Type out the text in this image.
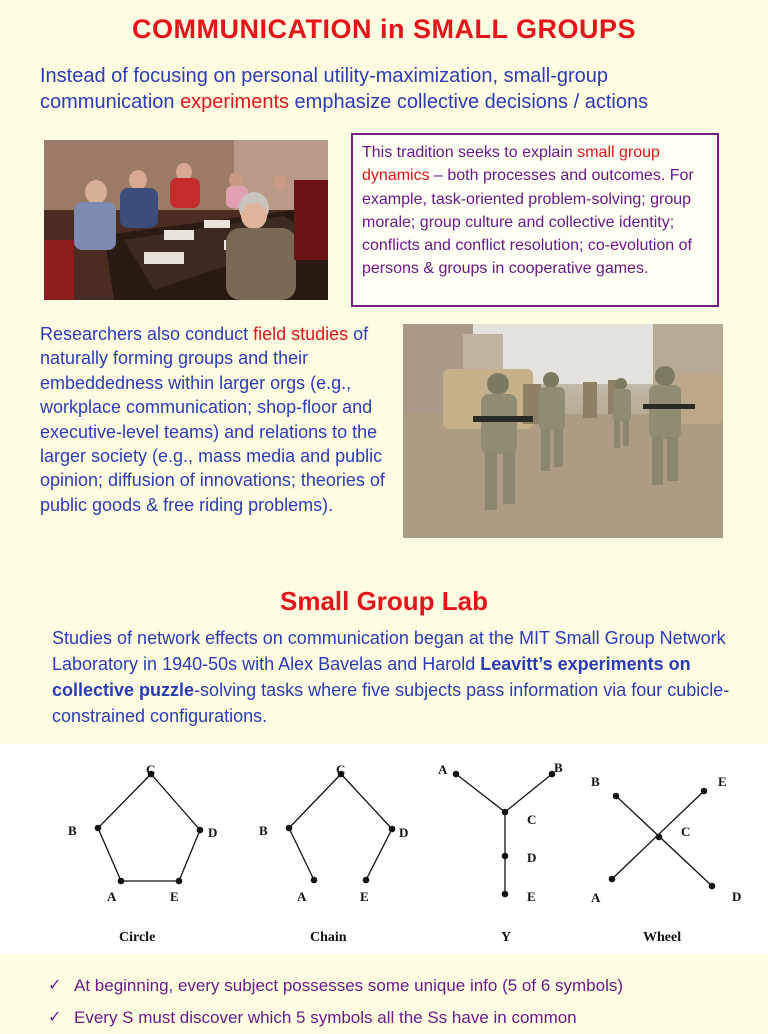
COMMUNICATION in SMALL GROUPS
Instead of focusing on personal utility-maximization, small-group communication experiments emphasize collective decisions / actions
This tradition seeks to explain small group dynamics – both processes and outcomes. For example, task-oriented problem-solving; group morale; group culture and collective identity; conflicts and conflict resolution; co-evolution of persons & groups in cooperative games.
Researchers also conduct field studies of naturally forming groups and their embeddedness within larger orgs (e.g., workplace communication; shop-floor and executive-level teams) and relations to the larger society (e.g., mass media and public opinion; diffusion of innovations; theories of public goods & free riding problems).
Small Group Lab
Studies of network effects on communication began at the MIT Small Group Network Laboratory in 1940-50s with Alex Bavelas and Harold Leavitt’s experiments on collective puzzle-solving tasks where five subjects pass information via four cubicle-constrained configurations.
C
B	D
A	E
Circle
C
B	D
A	E
Chain
A	B
C
D
E
Y
B	E
C
A	D
Wheel
✓ At beginning, every subject possesses some unique info (5 of 6 symbols)
✓ Every S must discover which 5 symbols all the Ss have in common
